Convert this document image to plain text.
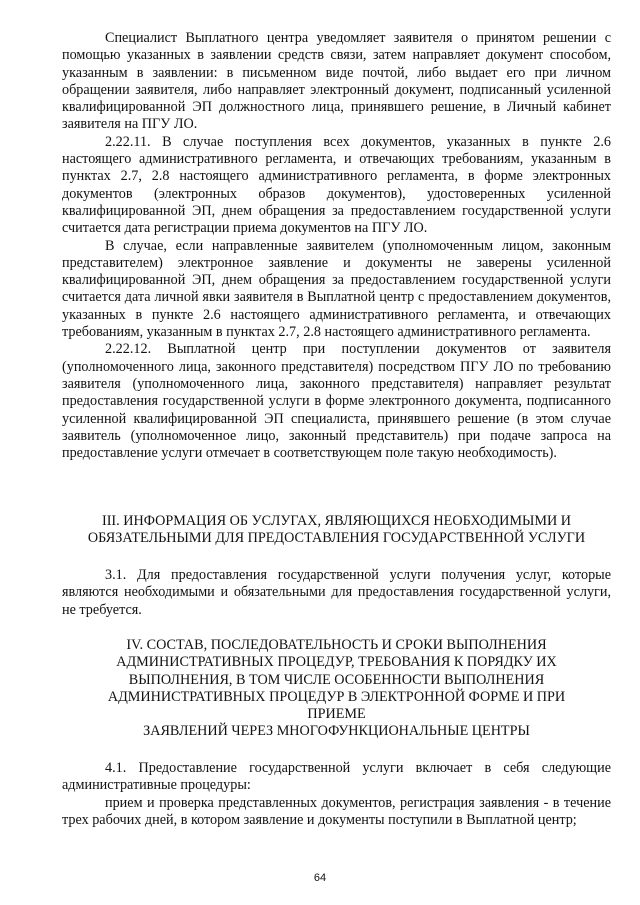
Специалист Выплатного центра уведомляет заявителя о принятом решении с помощью указанных в заявлении средств связи, затем направляет документ способом, указанным в заявлении: в письменном виде почтой, либо выдает его при личном обращении заявителя, либо направляет электронный документ, подписанный усиленной квалифицированной ЭП должностного лица, принявшего решение, в Личный кабинет заявителя на ПГУ ЛО.

2.22.11. В случае поступления всех документов, указанных в пункте 2.6 настоящего административного регламента, и отвечающих требованиям, указанным в пунктах 2.7, 2.8 настоящего административного регламента, в форме электронных документов (электронных образов документов), удостоверенных усиленной квалифицированной ЭП, днем обращения за предоставлением государственной услуги считается дата регистрации приема документов на ПГУ ЛО.

В случае, если направленные заявителем (уполномоченным лицом, законным представителем) электронное заявление и документы не заверены усиленной квалифицированной ЭП, днем обращения за предоставлением государственной услуги считается дата личной явки заявителя в Выплатной центр с предоставлением документов, указанных в пункте 2.6 настоящего административного регламента, и отвечающих требованиям, указанным в пунктах 2.7, 2.8 настоящего административного регламента.

2.22.12. Выплатной центр при поступлении документов от заявителя (уполномоченного лица, законного представителя) посредством ПГУ ЛО по требованию заявителя (уполномоченного лица, законного представителя) направляет результат предоставления государственной услуги в форме электронного документа, подписанного усиленной квалифицированной ЭП специалиста, принявшего решение (в этом случае заявитель (уполномоченное лицо, законный представитель) при подаче запроса на предоставление услуги отмечает в соответствующем поле такую необходимость).

III. ИНФОРМАЦИЯ ОБ УСЛУГАХ, ЯВЛЯЮЩИХСЯ НЕОБХОДИМЫМИ И ОБЯЗАТЕЛЬНЫМИ ДЛЯ ПРЕДОСТАВЛЕНИЯ ГОСУДАРСТВЕННОЙ УСЛУГИ

3.1. Для предоставления государственной услуги получения услуг, которые являются необходимыми и обязательными для предоставления государственной услуги, не требуется.

IV. СОСТАВ, ПОСЛЕДОВАТЕЛЬНОСТЬ И СРОКИ ВЫПОЛНЕНИЯ
АДМИНИСТРАТИВНЫХ ПРОЦЕДУР, ТРЕБОВАНИЯ К ПОРЯДКУ ИХ
ВЫПОЛНЕНИЯ, В ТОМ ЧИСЛЕ ОСОБЕННОСТИ ВЫПОЛНЕНИЯ
АДМИНИСТРАТИВНЫХ ПРОЦЕДУР В ЭЛЕКТРОННОЙ ФОРМЕ И ПРИ
ПРИЕМЕ
ЗАЯВЛЕНИЙ ЧЕРЕЗ МНОГОФУНКЦИОНАЛЬНЫЕ ЦЕНТРЫ

4.1. Предоставление государственной услуги включает в себя следующие административные процедуры:

прием и проверка представленных документов, регистрация заявления - в течение трех рабочих дней, в котором заявление и документы поступили в Выплатной центр;

64
